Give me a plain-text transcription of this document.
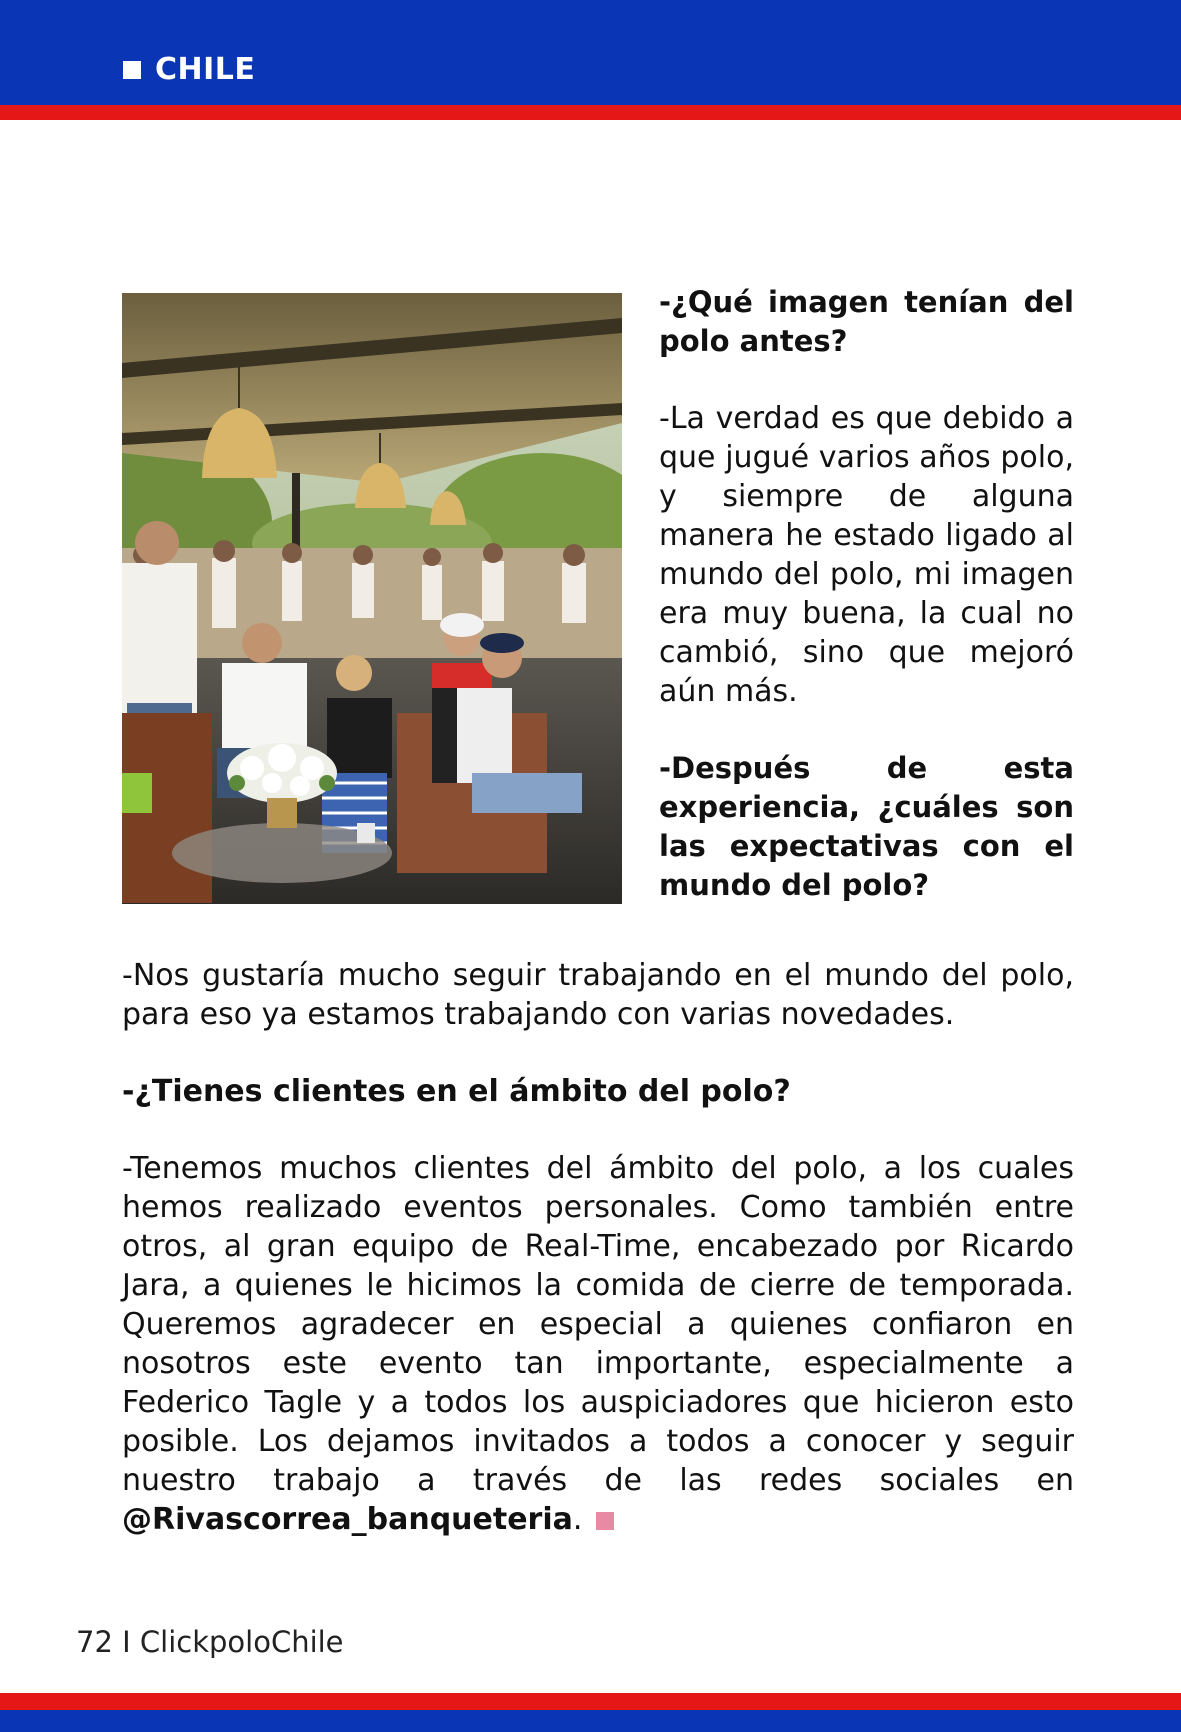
CHILE

-¿Qué imagen tenían del polo antes?

-La verdad es que debido a que jugué varios años polo, y siempre de alguna manera he estado ligado al mundo del polo, mi imagen era muy buena, la cual no cambió, sino que mejoró aún más.

-Después de esta experiencia, ¿cuáles son las expectativas con el mundo del polo?

-Nos gustaría mucho seguir trabajando en el mundo del polo, para eso ya estamos trabajando con varias novedades.

-¿Tienes clientes en el ámbito del polo?

-Tenemos muchos clientes del ámbito del polo, a los cuales hemos realizado eventos personales. Como también entre otros, al gran equipo de Real-Time, encabezado por Ricardo Jara, a quienes le hicimos la comida de cierre de temporada. Queremos agradecer en especial a quienes confiaron en nosotros este evento tan importante, especialmente a Federico Tagle y a todos los auspiciadores que hicieron esto posible. Los dejamos invitados a todos a conocer y seguir nuestro trabajo a través de las redes sociales en @Rivascorrea_banqueteria.

72 I ClickpoloChile
